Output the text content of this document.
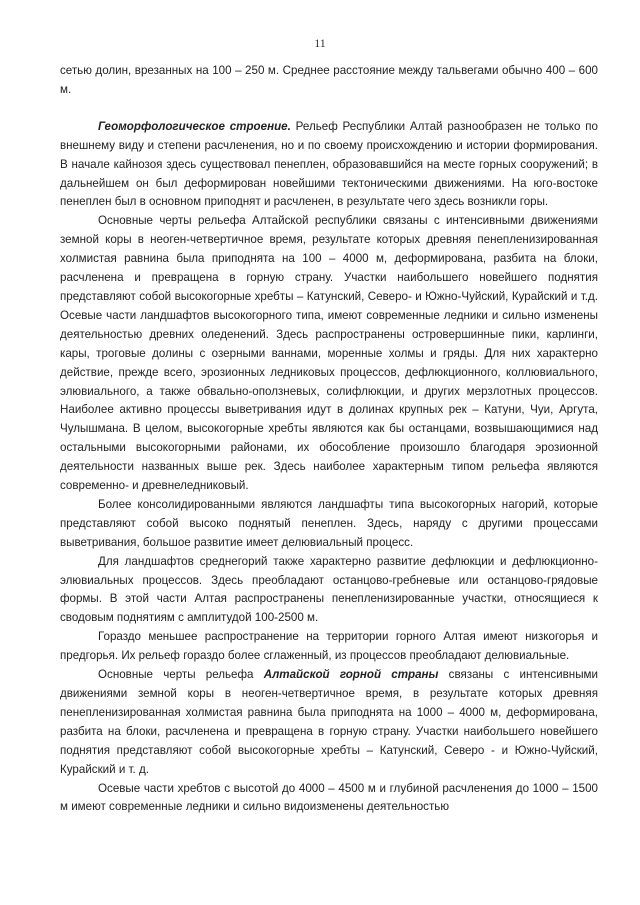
11

сетью долин, врезанных на 100 – 250 м. Среднее расстояние между тальвегами обычно 400 – 600 м.

Геоморфологическое строение. Рельеф Республики Алтай разнообразен не только по внешнему виду и степени расчленения, но и по своему происхождению и истории формирования. В начале кайнозоя здесь существовал пенеплен, образовавшийся на месте горных сооружений; в дальнейшем он был деформирован новейшими тектоническими движениями. На юго-востоке пенеплен был в основном приподнят и расчленен, в результате чего здесь возникли горы.

Основные черты рельефа Алтайской республики связаны с интенсивными движениями земной коры в неоген-четвертичное время, результате которых древняя пенепленизированная холмистая равнина была приподнята на 100 – 4000 м, деформирована, разбита на блоки, расчленена и превращена в горную страну. Участки наибольшего новейшего поднятия представляют собой высокогорные хребты – Катунский, Северо- и Южно-Чуйский, Курайский и т.д. Осевые части ландшафтов высокогорного типа, имеют современные ледники и сильно изменены деятельностью древних оледенений. Здесь распространены островершинные пики, карлинги, кары, троговые долины с озерными ваннами, моренные холмы и гряды. Для них характерно действие, прежде всего, эрозионных ледниковых процессов, дефлюкционного, коллювиального, элювиального, а также обвально-оползневых, солифлюкции, и других мерзлотных процессов. Наиболее активно процессы выветривания идут в долинах крупных рек – Катуни, Чуи, Аргута, Чулышмана. В целом, высокогорные хребты являются как бы останцами, возвышающимися над остальными высокогорными районами, их обособление произошло благодаря эрозионной деятельности названных выше рек. Здесь наиболее характерным типом рельефа являются современно- и древнеледниковый.

Более консолидированными являются ландшафты типа высокогорных нагорий, которые представляют собой высоко поднятый пенеплен. Здесь, наряду с другими процессами выветривания, большое развитие имеет делювиальный процесс.

Для ландшафтов среднегорий также характерно развитие дефлюкции и дефлюкционно-элювиальных процессов. Здесь преобладают останцово-гребневые или останцово-грядовые формы. В этой части Алтая распространены пенепленизированные участки, относящиеся к сводовым поднятиям с амплитудой 100-2500 м.

Гораздо меньшее распространение на территории горного Алтая имеют низкогорья и предгорья. Их рельеф гораздо более сглаженный, из процессов преобладают делювиальные.

Основные черты рельефа Алтайской горной страны связаны с интенсивными движениями земной коры в неоген-четвертичное время, в результате которых древняя пенепленизированная холмистая равнина была приподнята на 1000 – 4000 м, деформирована, разбита на блоки, расчленена и превращена в горную страну. Участки наибольшего новейшего поднятия представляют собой высокогорные хребты – Катунский, Северо - и Южно-Чуйский, Курайский и т. д.

Осевые части хребтов с высотой до 4000 – 4500 м и глубиной расчленения до 1000 – 1500 м имеют современные ледники и сильно видоизменены деятельностью
